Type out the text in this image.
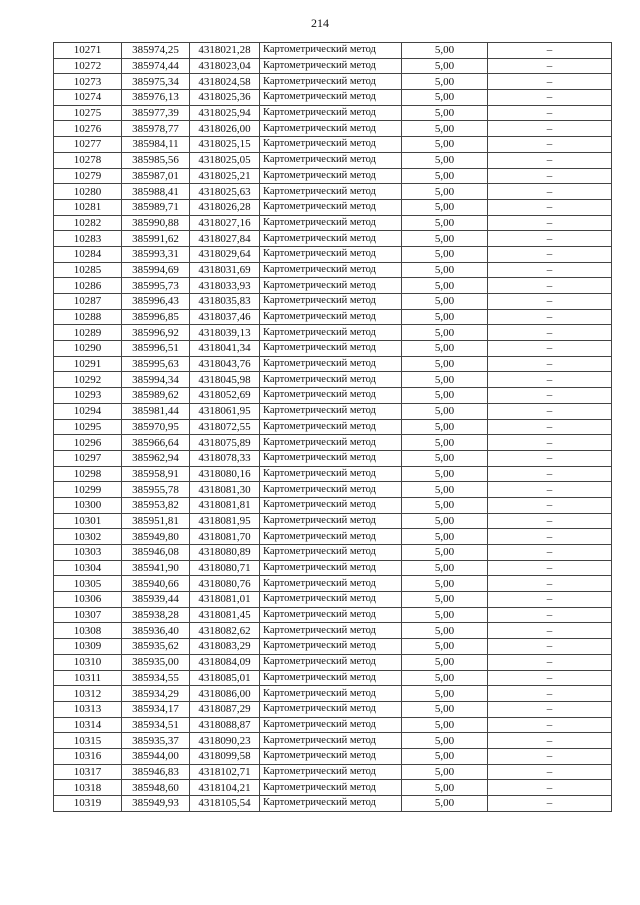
214
10271	385974,25	4318021,28	Картометрический метод	5,00	–
10272	385974,44	4318023,04	Картометрический метод	5,00	–
10273	385975,34	4318024,58	Картометрический метод	5,00	–
10274	385976,13	4318025,36	Картометрический метод	5,00	–
10275	385977,39	4318025,94	Картометрический метод	5,00	–
10276	385978,77	4318026,00	Картометрический метод	5,00	–
10277	385984,11	4318025,15	Картометрический метод	5,00	–
10278	385985,56	4318025,05	Картометрический метод	5,00	–
10279	385987,01	4318025,21	Картометрический метод	5,00	–
10280	385988,41	4318025,63	Картометрический метод	5,00	–
10281	385989,71	4318026,28	Картометрический метод	5,00	–
10282	385990,88	4318027,16	Картометрический метод	5,00	–
10283	385991,62	4318027,84	Картометрический метод	5,00	–
10284	385993,31	4318029,64	Картометрический метод	5,00	–
10285	385994,69	4318031,69	Картометрический метод	5,00	–
10286	385995,73	4318033,93	Картометрический метод	5,00	–
10287	385996,43	4318035,83	Картометрический метод	5,00	–
10288	385996,85	4318037,46	Картометрический метод	5,00	–
10289	385996,92	4318039,13	Картометрический метод	5,00	–
10290	385996,51	4318041,34	Картометрический метод	5,00	–
10291	385995,63	4318043,76	Картометрический метод	5,00	–
10292	385994,34	4318045,98	Картометрический метод	5,00	–
10293	385989,62	4318052,69	Картометрический метод	5,00	–
10294	385981,44	4318061,95	Картометрический метод	5,00	–
10295	385970,95	4318072,55	Картометрический метод	5,00	–
10296	385966,64	4318075,89	Картометрический метод	5,00	–
10297	385962,94	4318078,33	Картометрический метод	5,00	–
10298	385958,91	4318080,16	Картометрический метод	5,00	–
10299	385955,78	4318081,30	Картометрический метод	5,00	–
10300	385953,82	4318081,81	Картометрический метод	5,00	–
10301	385951,81	4318081,95	Картометрический метод	5,00	–
10302	385949,80	4318081,70	Картометрический метод	5,00	–
10303	385946,08	4318080,89	Картометрический метод	5,00	–
10304	385941,90	4318080,71	Картометрический метод	5,00	–
10305	385940,66	4318080,76	Картометрический метод	5,00	–
10306	385939,44	4318081,01	Картометрический метод	5,00	–
10307	385938,28	4318081,45	Картометрический метод	5,00	–
10308	385936,40	4318082,62	Картометрический метод	5,00	–
10309	385935,62	4318083,29	Картометрический метод	5,00	–
10310	385935,00	4318084,09	Картометрический метод	5,00	–
10311	385934,55	4318085,01	Картометрический метод	5,00	–
10312	385934,29	4318086,00	Картометрический метод	5,00	–
10313	385934,17	4318087,29	Картометрический метод	5,00	–
10314	385934,51	4318088,87	Картометрический метод	5,00	–
10315	385935,37	4318090,23	Картометрический метод	5,00	–
10316	385944,00	4318099,58	Картометрический метод	5,00	–
10317	385946,83	4318102,71	Картометрический метод	5,00	–
10318	385948,60	4318104,21	Картометрический метод	5,00	–
10319	385949,93	4318105,54	Картометрический метод	5,00	–
